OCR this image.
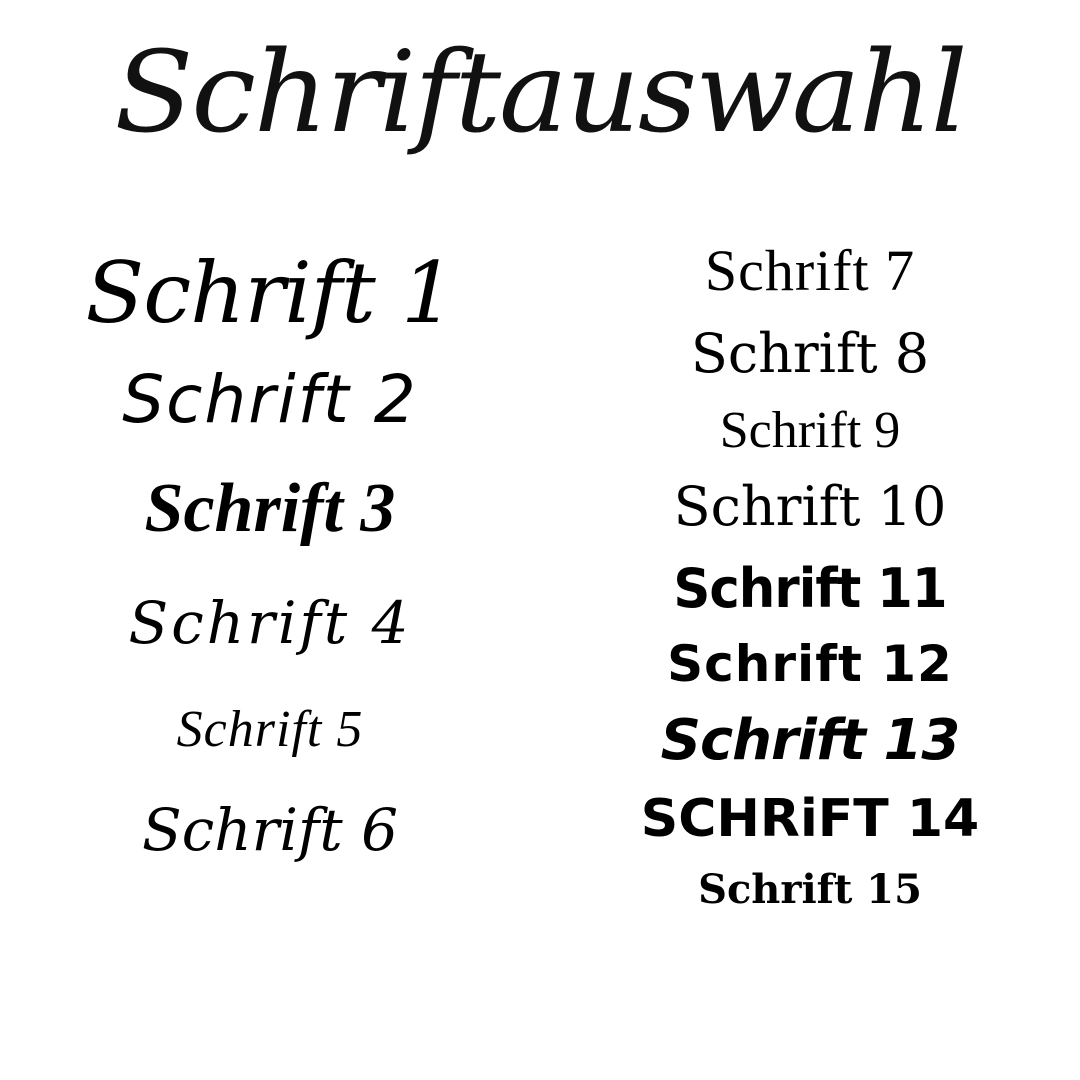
Schriftauswahl
Schrift 1
Schrift 2
Schrift 3
Schrift 4
Schrift 5
Schrift 6
Schrift 7
Schrift 8
Schrift 9
Schrift 10
Schrift 11
Schrift 12
Schrift 13
SCHRiFT 14
Schrift 15
